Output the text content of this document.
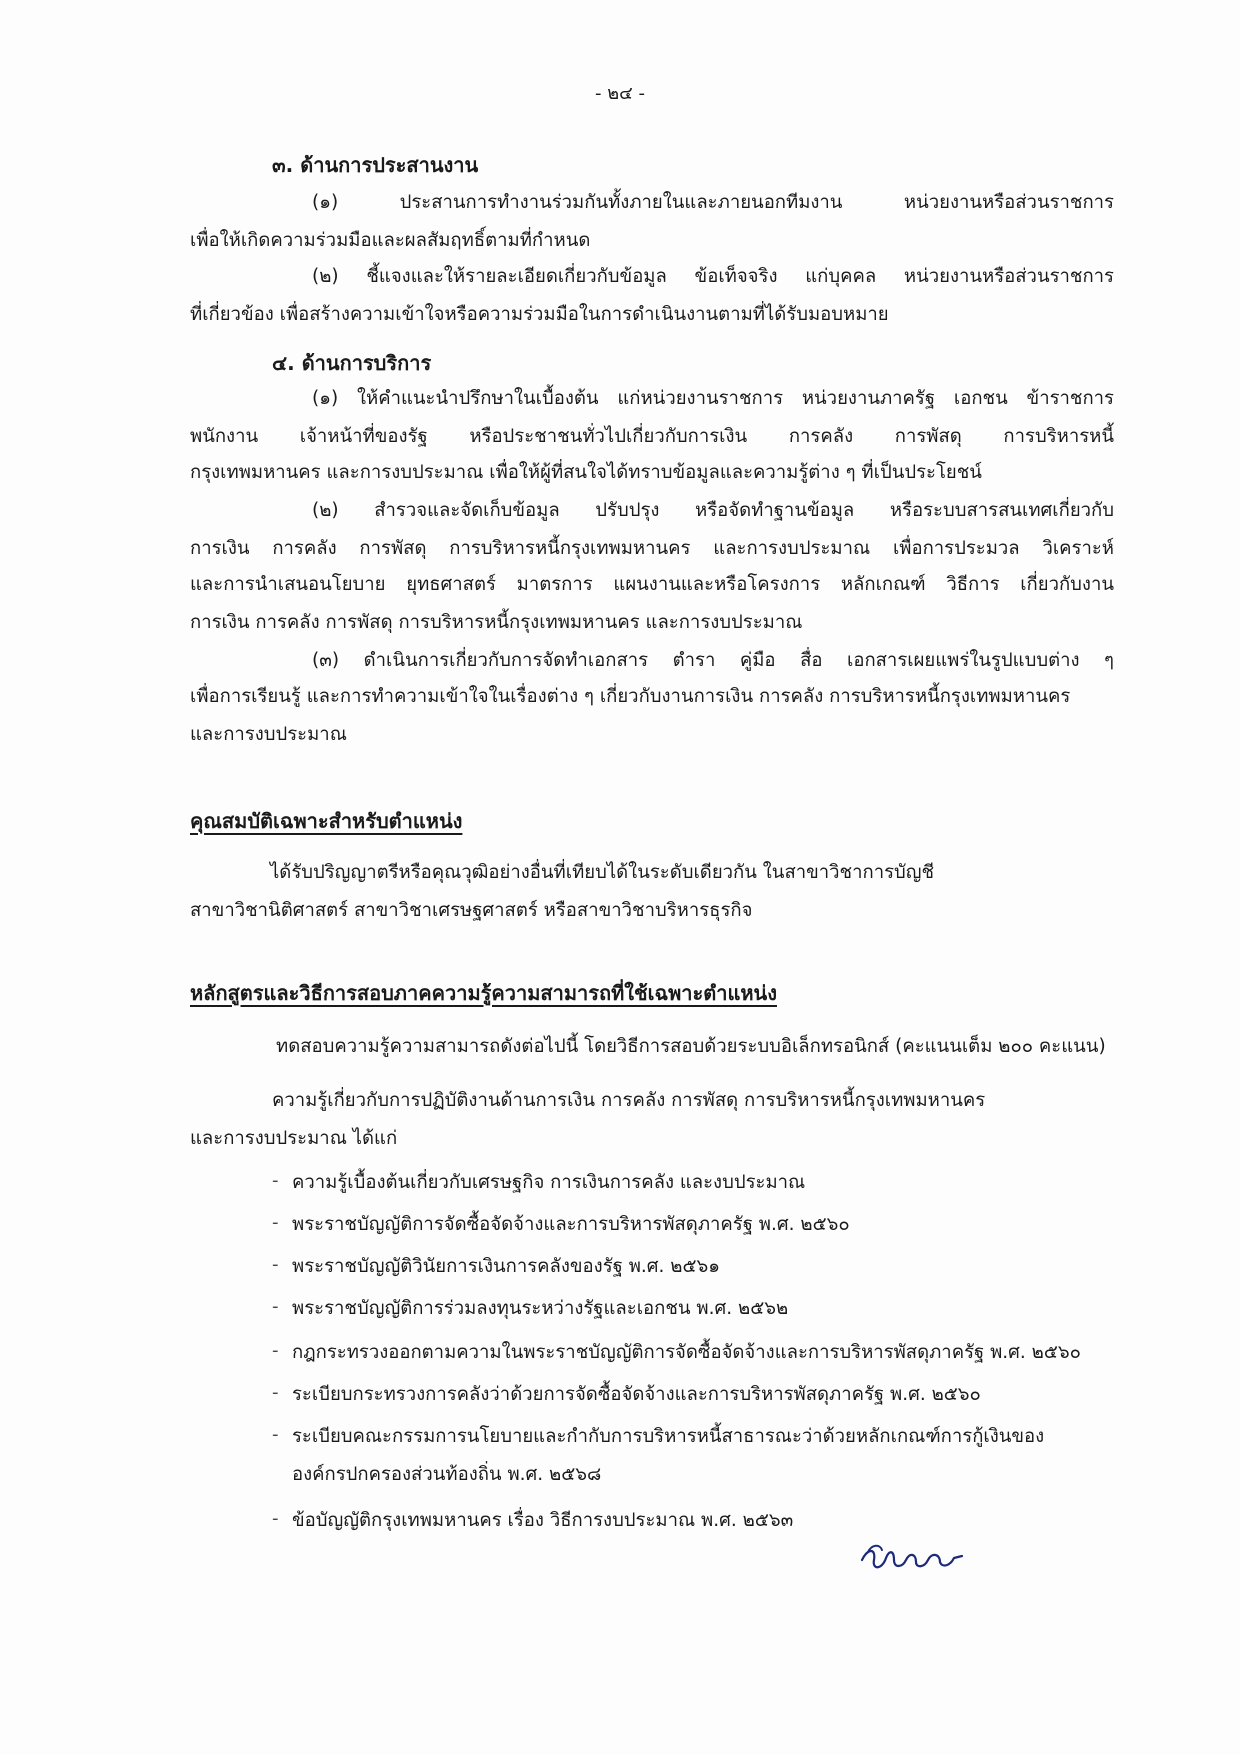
- ๒๔ -
๓. ด้านการประสานงาน
(๑) ประสานการทำงานร่วมกันทั้งภายในและภายนอกทีมงาน หน่วยงานหรือส่วนราชการ
เพื่อให้เกิดความร่วมมือและผลสัมฤทธิ์ตามที่กำหนด
(๒) ชี้แจงและให้รายละเอียดเกี่ยวกับข้อมูล ข้อเท็จจริง แก่บุคคล หน่วยงานหรือส่วนราชการ
ที่เกี่ยวข้อง เพื่อสร้างความเข้าใจหรือความร่วมมือในการดำเนินงานตามที่ได้รับมอบหมาย
๔. ด้านการบริการ
(๑) ให้คำแนะนำปรึกษาในเบื้องต้น แก่หน่วยงานราชการ หน่วยงานภาครัฐ เอกชน ข้าราชการ
พนักงาน เจ้าหน้าที่ของรัฐ หรือประชาชนทั่วไปเกี่ยวกับการเงิน การคลัง การพัสดุ การบริหารหนี้
กรุงเทพมหานคร และการงบประมาณ เพื่อให้ผู้ที่สนใจได้ทราบข้อมูลและความรู้ต่าง ๆ ที่เป็นประโยชน์
(๒) สำรวจและจัดเก็บข้อมูล ปรับปรุง หรือจัดทำฐานข้อมูล หรือระบบสารสนเทศเกี่ยวกับ
การเงิน การคลัง การพัสดุ การบริหารหนี้กรุงเทพมหานคร และการงบประมาณ เพื่อการประมวล วิเคราะห์
และการนำเสนอนโยบาย ยุทธศาสตร์ มาตรการ แผนงานและหรือโครงการ หลักเกณฑ์ วิธีการ เกี่ยวกับงาน
การเงิน การคลัง การพัสดุ การบริหารหนี้กรุงเทพมหานคร และการงบประมาณ
(๓) ดำเนินการเกี่ยวกับการจัดทำเอกสาร ตำรา คู่มือ สื่อ เอกสารเผยแพร่ในรูปแบบต่าง ๆ
เพื่อการเรียนรู้ และการทำความเข้าใจในเรื่องต่าง ๆ เกี่ยวกับงานการเงิน การคลัง การบริหารหนี้กรุงเทพมหานคร
และการงบประมาณ
คุณสมบัติเฉพาะสำหรับตำแหน่ง
ได้รับปริญญาตรีหรือคุณวุฒิอย่างอื่นที่เทียบได้ในระดับเดียวกัน ในสาขาวิชาการบัญชี
สาขาวิชานิติศาสตร์ สาขาวิชาเศรษฐศาสตร์ หรือสาขาวิชาบริหารธุรกิจ
หลักสูตรและวิธีการสอบภาคความรู้ความสามารถที่ใช้เฉพาะตำแหน่ง
ทดสอบความรู้ความสามารถดังต่อไปนี้ โดยวิธีการสอบด้วยระบบอิเล็กทรอนิกส์ (คะแนนเต็ม ๒๐๐ คะแนน)
ความรู้เกี่ยวกับการปฏิบัติงานด้านการเงิน การคลัง การพัสดุ การบริหารหนี้กรุงเทพมหานคร
และการงบประมาณ ได้แก่
- ความรู้เบื้องต้นเกี่ยวกับเศรษฐกิจ การเงินการคลัง และงบประมาณ
- พระราชบัญญัติการจัดซื้อจัดจ้างและการบริหารพัสดุภาครัฐ พ.ศ. ๒๕๖๐
- พระราชบัญญัติวินัยการเงินการคลังของรัฐ พ.ศ. ๒๕๖๑
- พระราชบัญญัติการร่วมลงทุนระหว่างรัฐและเอกชน พ.ศ. ๒๕๖๒
- กฎกระทรวงออกตามความในพระราชบัญญัติการจัดซื้อจัดจ้างและการบริหารพัสดุภาครัฐ พ.ศ. ๒๕๖๐
- ระเบียบกระทรวงการคลังว่าด้วยการจัดซื้อจัดจ้างและการบริหารพัสดุภาครัฐ พ.ศ. ๒๕๖๐
- ระเบียบคณะกรรมการนโยบายและกำกับการบริหารหนี้สาธารณะว่าด้วยหลักเกณฑ์การกู้เงินของ
องค์กรปกครองส่วนท้องถิ่น พ.ศ. ๒๕๖๘
- ข้อบัญญัติกรุงเทพมหานคร เรื่อง วิธีการงบประมาณ พ.ศ. ๒๕๖๓
